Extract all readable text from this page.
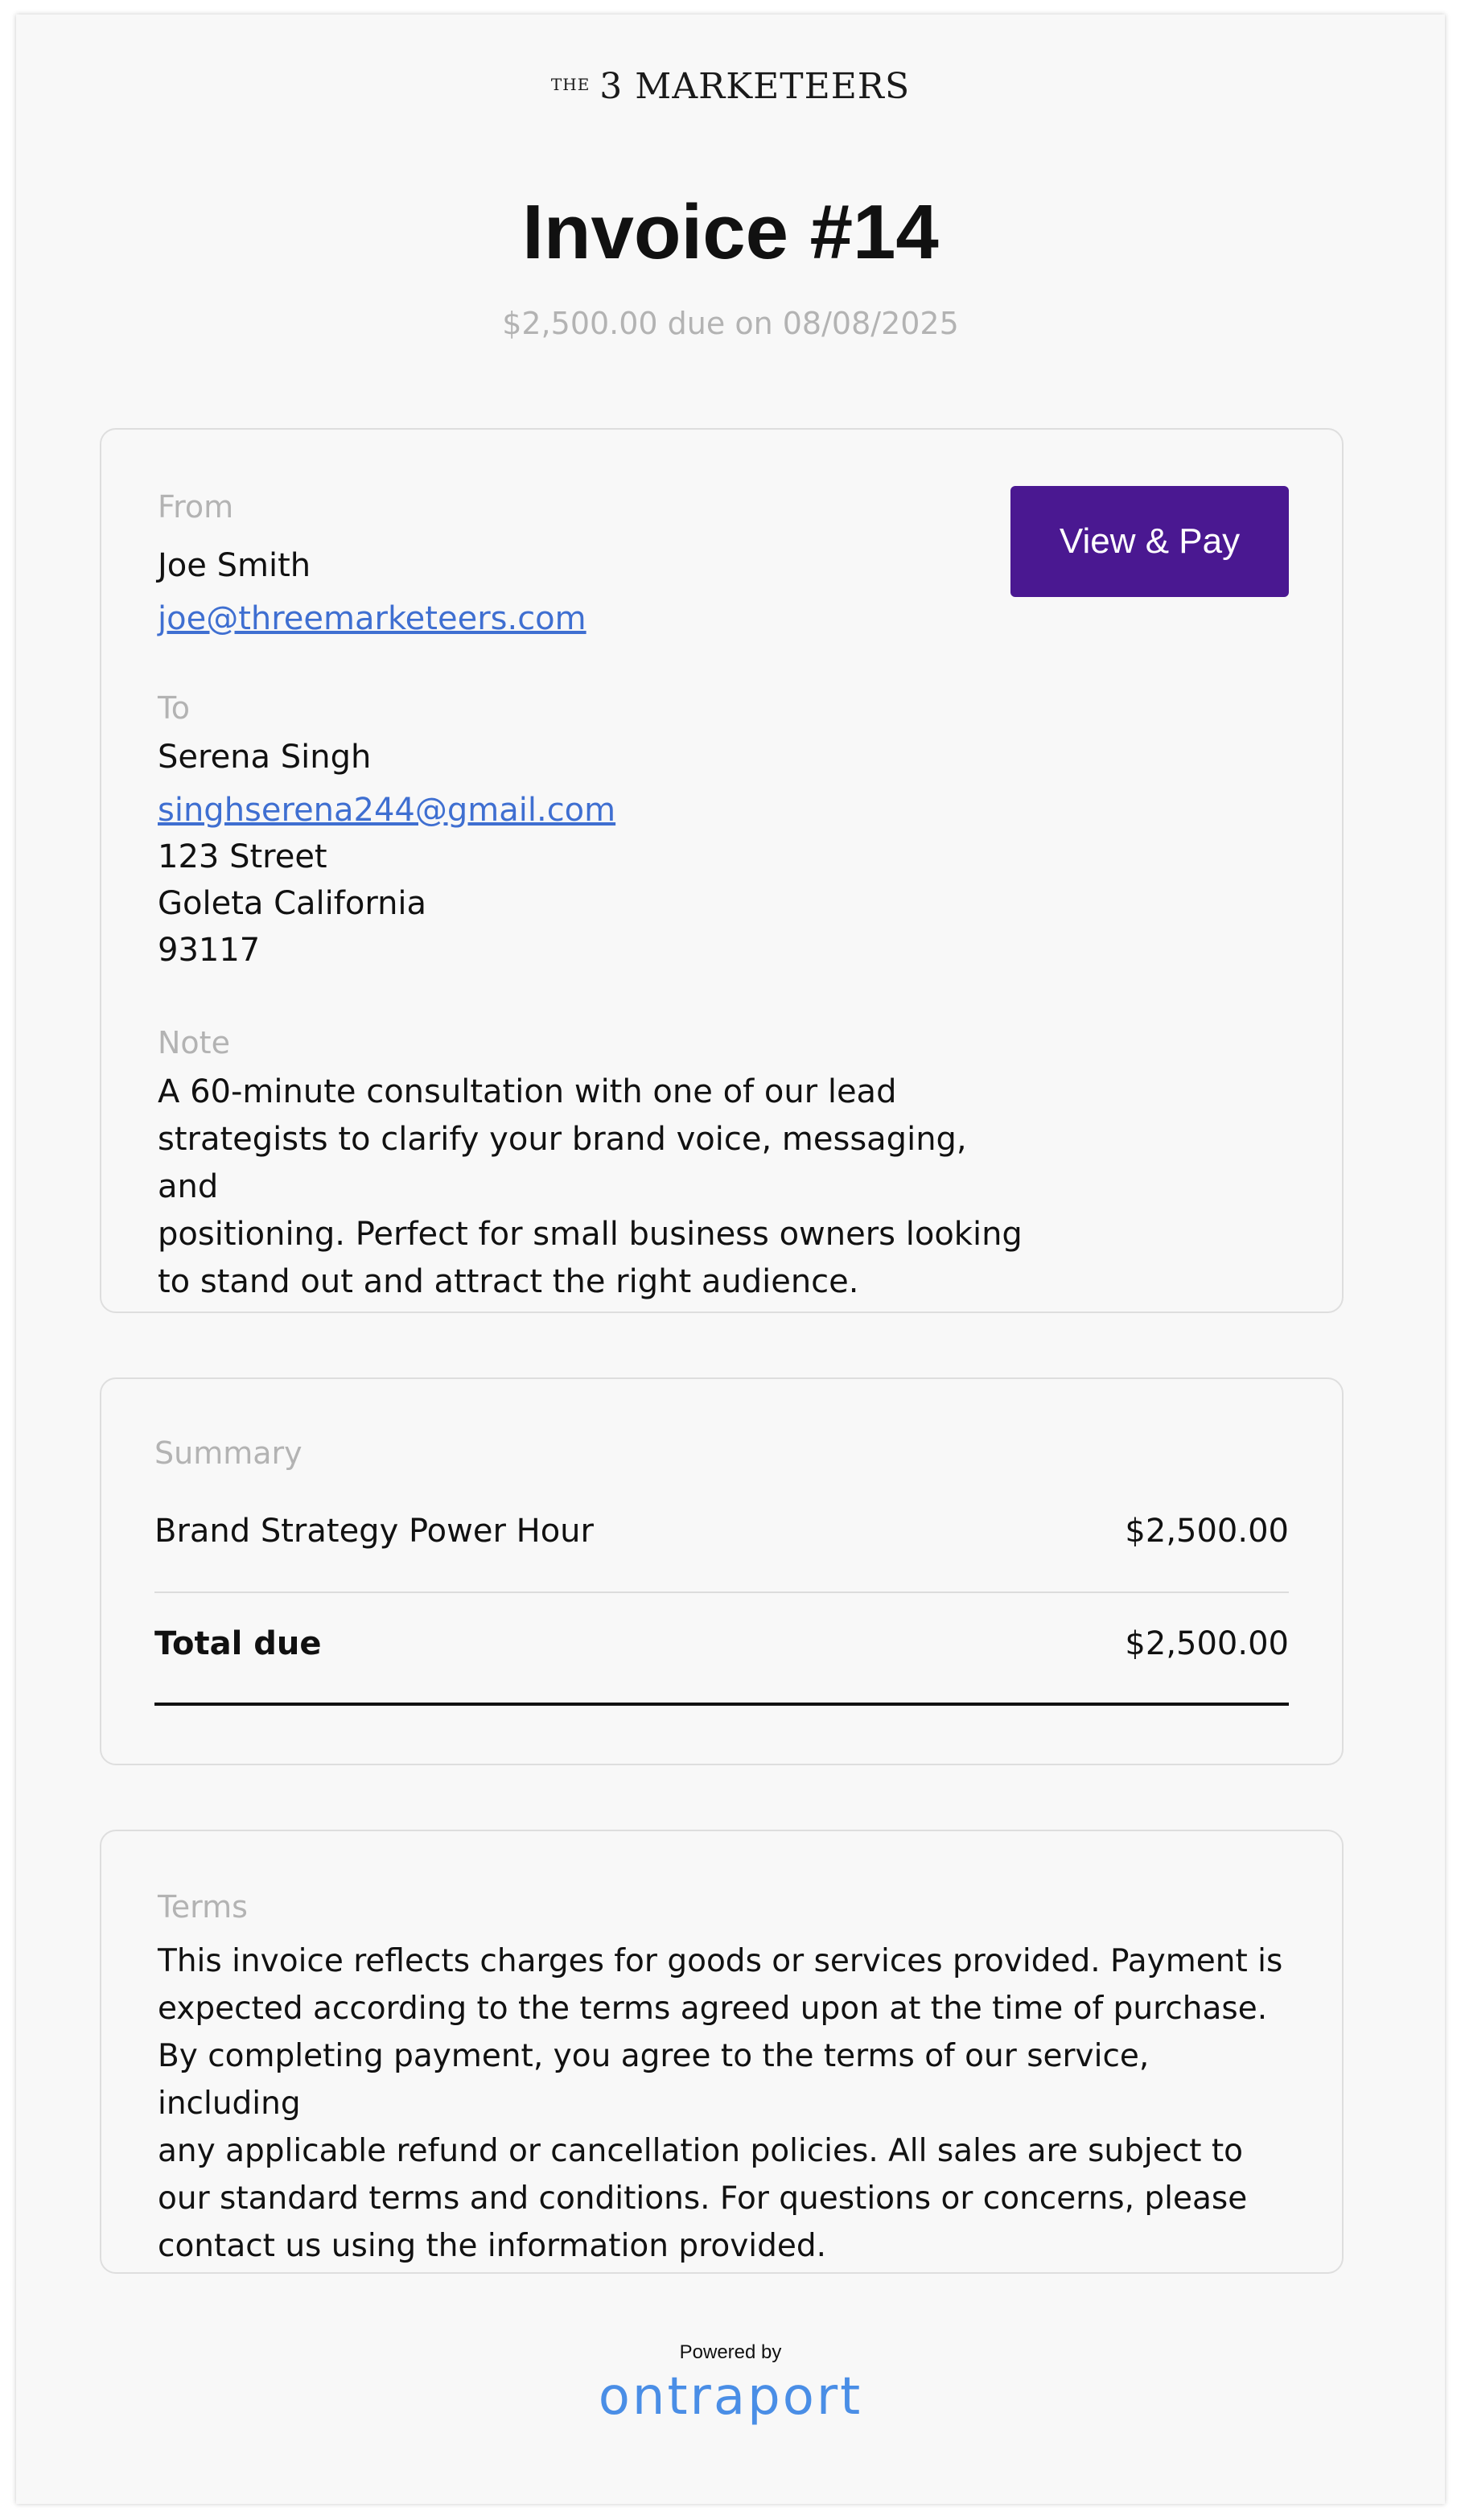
THE 3 MARKETEERS
Invoice #14
$2,500.00 due on 08/08/2025
From
Joe Smith
joe@threemarketeers.com
View & Pay
To
Serena Singh
singhserena244@gmail.com
123 Street
Goleta California
93117
Note
A 60-minute consultation with one of our lead
strategists to clarify your brand voice, messaging, and
positioning. Perfect for small business owners looking
to stand out and attract the right audience.
Summary
Brand Strategy Power Hour	$2,500.00
Total due	$2,500.00
Terms
This invoice reflects charges for goods or services provided. Payment is
expected according to the terms agreed upon at the time of purchase.
By completing payment, you agree to the terms of our service, including
any applicable refund or cancellation policies. All sales are subject to
our standard terms and conditions. For questions or concerns, please
contact us using the information provided.
Powered by
ontraport
